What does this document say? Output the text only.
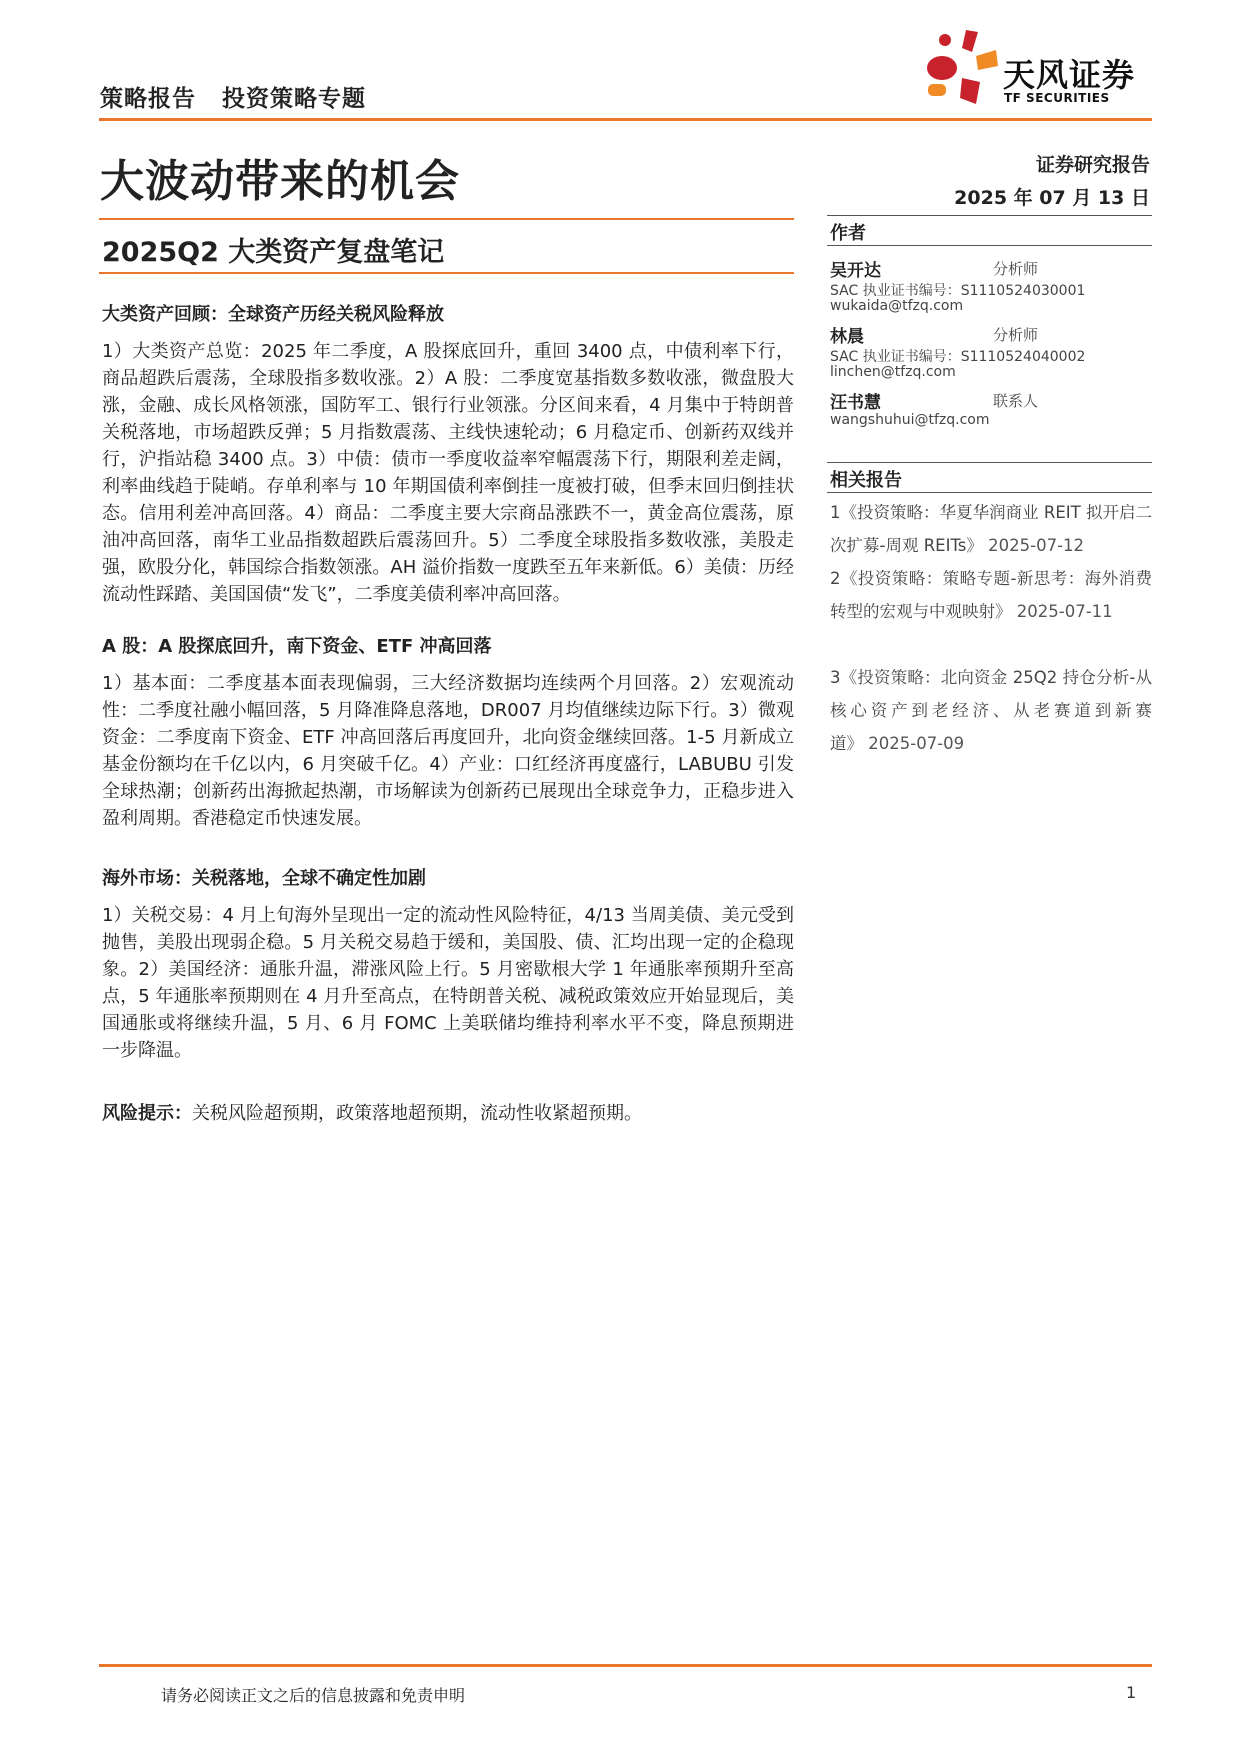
策略报告 投资策略专题
天风证券
TF SECURITIES
大波动带来的机会
2025Q2 大类资产复盘笔记
证券研究报告
2025 年 07 月 13 日
作者
吴开达	分析师
SAC 执业证书编号：S1110524030001
wukaida@tfzq.com
林晨	分析师
SAC 执业证书编号：S1110524040002
linchen@tfzq.com
汪书慧	联系人
wangshuhui@tfzq.com
相关报告
1《投资策略：华夏华润商业 REIT 拟开启二次扩募-周观 REITs》 2025-07-12
2《投资策略：策略专题-新思考：海外消费转型的宏观与中观映射》 2025-07-11
3《投资策略：北向资金 25Q2 持仓分析-从核心资产到老经济、从老赛道到新赛道》 2025-07-09
大类资产回顾：全球资产历经关税风险释放
1）大类资产总览：2025 年二季度，A 股探底回升，重回 3400 点，中债利率下行，商品超跌后震荡，全球股指多数收涨。2）A 股：二季度宽基指数多数收涨，微盘股大涨，金融、成长风格领涨，国防军工、银行行业领涨。分区间来看，4 月集中于特朗普关税落地，市场超跌反弹；5 月指数震荡、主线快速轮动；6 月稳定币、创新药双线并行，沪指站稳 3400 点。3）中债：债市一季度收益率窄幅震荡下行，期限利差走阔，利率曲线趋于陡峭。存单利率与 10 年期国债利率倒挂一度被打破，但季末回归倒挂状态。信用利差冲高回落。4）商品：二季度主要大宗商品涨跌不一，黄金高位震荡，原油冲高回落，南华工业品指数超跌后震荡回升。5）二季度全球股指多数收涨，美股走强，欧股分化，韩国综合指数领涨。AH 溢价指数一度跌至五年来新低。6）美债：历经流动性踩踏、美国国债“发飞”，二季度美债利率冲高回落。
A 股：A 股探底回升，南下资金、ETF 冲高回落
1）基本面：二季度基本面表现偏弱，三大经济数据均连续两个月回落。2）宏观流动性：二季度社融小幅回落，5 月降准降息落地，DR007 月均值继续边际下行。3）微观资金：二季度南下资金、ETF 冲高回落后再度回升，北向资金继续回落。1-5 月新成立基金份额均在千亿以内，6 月突破千亿。4）产业：口红经济再度盛行，LABUBU 引发全球热潮；创新药出海掀起热潮，市场解读为创新药已展现出全球竞争力，正稳步进入盈利周期。香港稳定币快速发展。
海外市场：关税落地，全球不确定性加剧
1）关税交易：4 月上旬海外呈现出一定的流动性风险特征，4/13 当周美债、美元受到抛售，美股出现弱企稳。5 月关税交易趋于缓和，美国股、债、汇均出现一定的企稳现象。2）美国经济：通胀升温，滞涨风险上行。5 月密歇根大学 1 年通胀率预期升至高点，5 年通胀率预期则在 4 月升至高点，在特朗普关税、减税政策效应开始显现后，美国通胀或将继续升温，5 月、6 月 FOMC 上美联储均维持利率水平不变，降息预期进一步降温。
风险提示：关税风险超预期，政策落地超预期，流动性收紧超预期。
请务必阅读正文之后的信息披露和免责申明	1
